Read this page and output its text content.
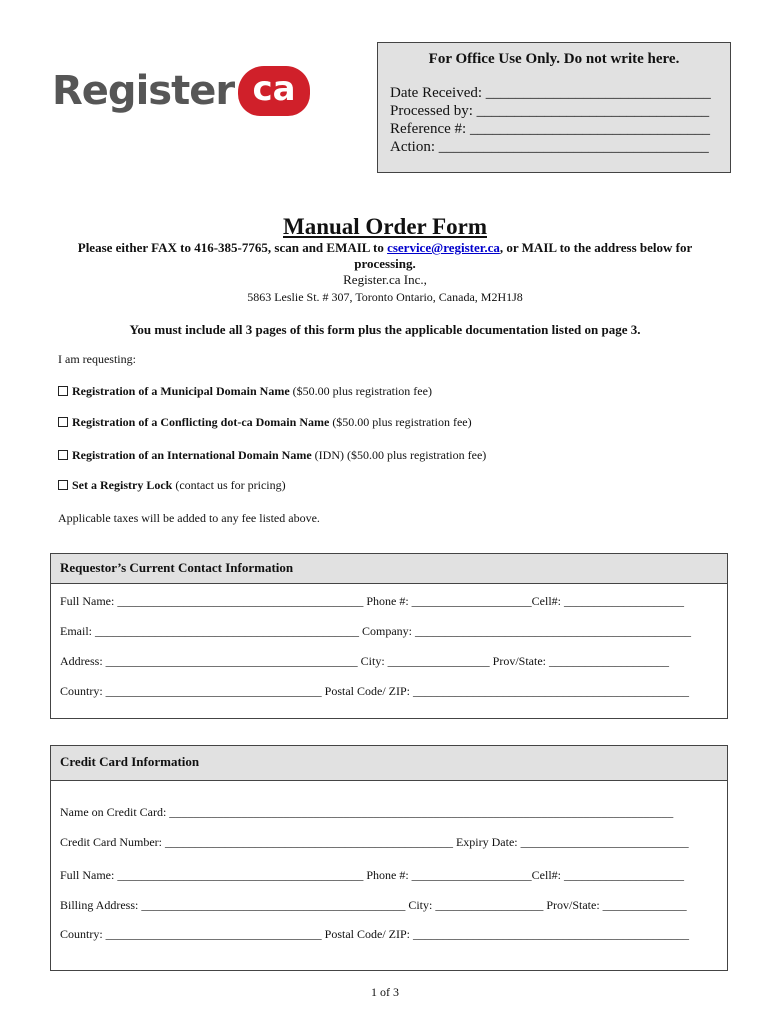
Register ca
For Office Use Only. Do not write here.
Date Received: ______________________________
Processed by: _______________________________
Reference #: ________________________________
Action: ____________________________________
Manual Order Form
Please either FAX to 416-385-7765, scan and EMAIL to cservice@register.ca, or MAIL to the address below for processing.
Register.ca Inc.,
5863 Leslie St. # 307, Toronto Ontario, Canada, M2H1J8
You must include all 3 pages of this form plus the applicable documentation listed on page 3.
I am requesting:
Registration of a Municipal Domain Name ($50.00 plus registration fee)
Registration of a Conflicting dot-ca Domain Name ($50.00 plus registration fee)
Registration of an International Domain Name (IDN) ($50.00 plus registration fee)
Set a Registry Lock (contact us for pricing)
Applicable taxes will be added to any fee listed above.
Requestor’s Current Contact Information
Full Name: _________________________________________ Phone #: ____________________Cell#: ____________________
Email: ____________________________________________ Company: ______________________________________________
Address: __________________________________________ City: _________________ Prov/State: ____________________
Country: ____________________________________ Postal Code/ ZIP: ______________________________________________
Credit Card Information
Name on Credit Card: ____________________________________________________________________________________
Credit Card Number: ________________________________________________ Expiry Date: ____________________________
Full Name: _________________________________________ Phone #: ____________________Cell#: ____________________
Billing Address: ____________________________________________ City: __________________ Prov/State: ______________
Country: ____________________________________ Postal Code/ ZIP: ______________________________________________
1 of 3
